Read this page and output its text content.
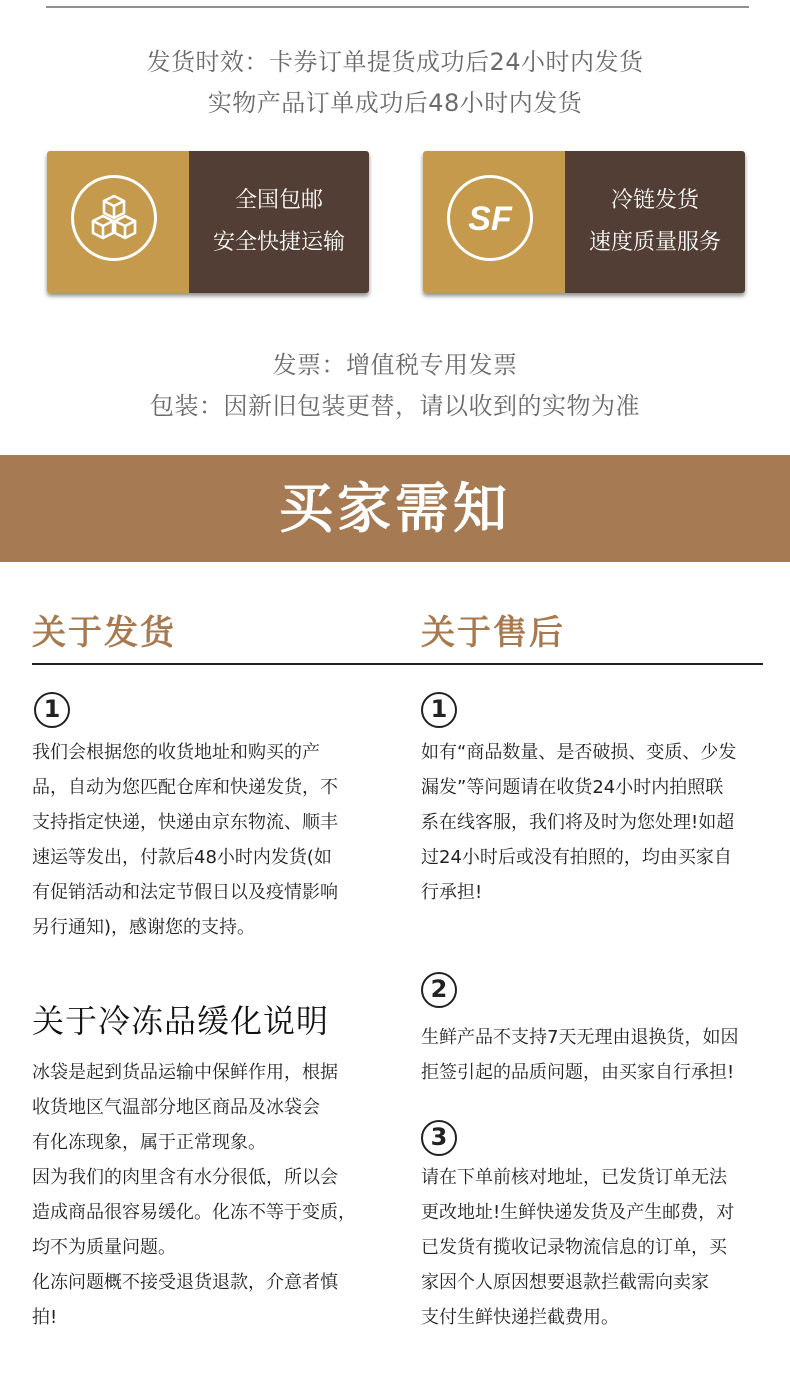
发货时效：卡券订单提货成功后24小时内发货
实物产品订单成功后48小时内发货
全国包邮
安全快捷运输
SF	冷链发货
速度质量服务
发票：增值税专用发票
包装：因新旧包装更替，请以收到的实物为准
买家需知
关于发货
1

我们会根据您的收货地址和购买的产

品，自动为您匹配仓库和快递发货，不

支持指定快递，快递由京东物流、顺丰

速运等发出，付款后48小时内发货(如

有促销活动和法定节假日以及疫情影响

另行通知)，感谢您的支持。

关于冷冻品缓化说明

冰袋是起到货品运输中保鲜作用，根据

收货地区气温部分地区商品及冰袋会

有化冻现象，属于正常现象。

因为我们的肉里含有水分很低，所以会

造成商品很容易缓化。化冻不等于变质，

均不为质量问题。

化冻问题概不接受退货退款，介意者慎

拍!

关于售后
1

如有“商品数量、是否破损、变质、少发

漏发”等问题请在收货24小时内拍照联

系在线客服，我们将及时为您处理!如超

过24小时后或没有拍照的，均由买家自

行承担!

2

生鲜产品不支持7天无理由退换货，如因

拒签引起的品质问题，由买家自行承担!

3

请在下单前核对地址，已发货订单无法

更改地址!生鲜快递发货及产生邮费，对

已发货有揽收记录物流信息的订单，买

家因个人原因想要退款拦截需向卖家

支付生鲜快递拦截费用。
